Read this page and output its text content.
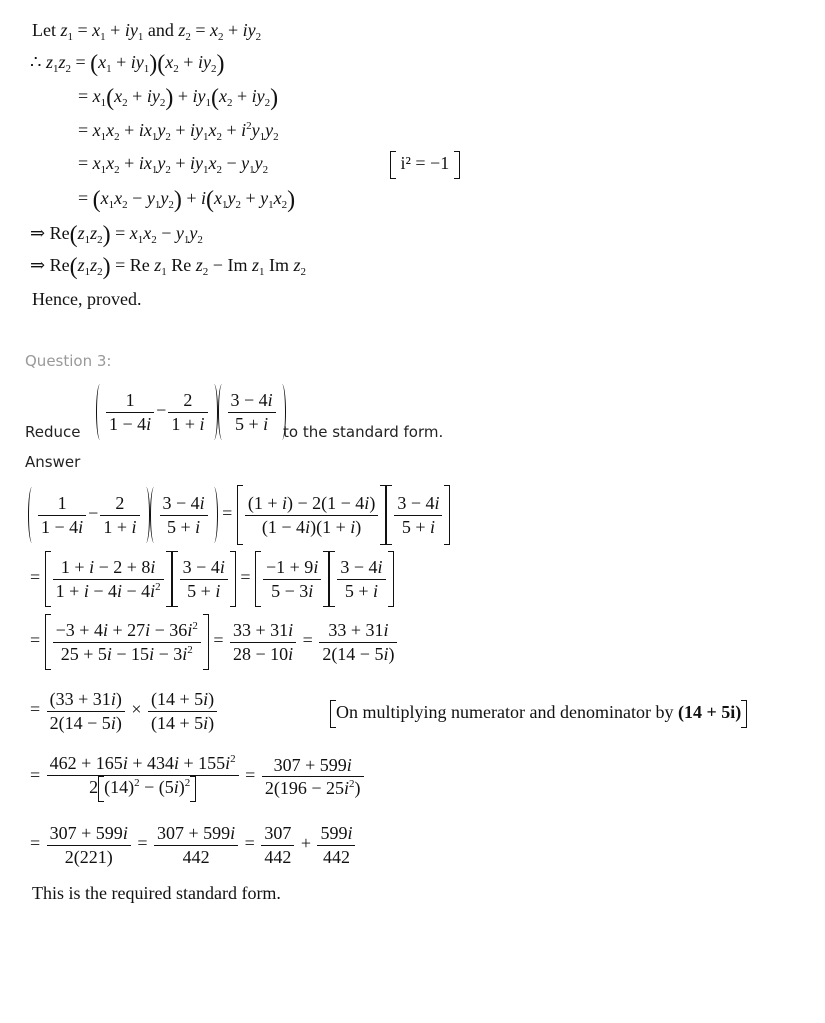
Let $z_1 = x_1 + iy_1$ and $z_2 = x_2 + iy_2$
∴ $z_1z_2 = (x_1 + iy_1)(x_2 + iy_2)$
= $x_1(x_2 + iy_2) + iy_1(x_2 + iy_2)$
= $x_1x_2 + ix_1y_2 + iy_1x_2 + i^2y_1y_2$
= $x_1x_2 + ix_1y_2 + iy_1x_2 - y_1y_2$	i² = −1
= $(x_1x_2 - y_1y_2) + i(x_1y_2 + y_1x_2)$
⇒ $Re(z_1z_2) = x_1x_2 - y_1y_2$
⇒ $Re(z_1z_2) = Re$ $z_1$ Re $z_2 - Im$ $z_1$ Im $z_2$
Hence, proved.
Question 3:
$\frac{1}{1 - 4i} - \frac{2}{1 + i} \frac{3 - 4i}{5 + i}$
Reduce	to the standard form.
Answer
$\frac{1}{1 - 4i} - \frac{2}{1 + i} \frac{3 - 4i}{5 + i} = \frac{(1 + i) - 2(1 - 4i)}{(1 - 4i)(1 + i)} \frac{3 - 4i}{5 + i}$
= $\frac{1 + i - 2 + 8i}{1 + i - 4i - 4i^2} \frac{3 - 4i}{5 + i} = \frac{-1 + 9i}{5 - 3i} \frac{3 - 4i}{5 + i}$
= $\frac{-3 + 4i + 27i - 36i^2}{25 + 5i - 15i - 3i^2} = \frac{33 + 31i}{28 - 10i} = \frac{33 + 31i}{2(14 - 5i)}$
= $\frac{(33 + 31i)}{2(14 - 5i)} \times \frac{(14 + 5i)}{(14 + 5i)}$	On multiplying numerator and denominator by (14 + 5i)
= $\frac{462 + 165i + 434i + 155i^2}{2 (14)^2 - (5i)^2} = \frac{307 + 599i}{2(196 - 25i^2)}$
= $\frac{307 + 599i}{2(221)} = \frac{307 + 599i}{442} = \frac{307}{442} + \frac{599i}{442}$
This is the required standard form.
